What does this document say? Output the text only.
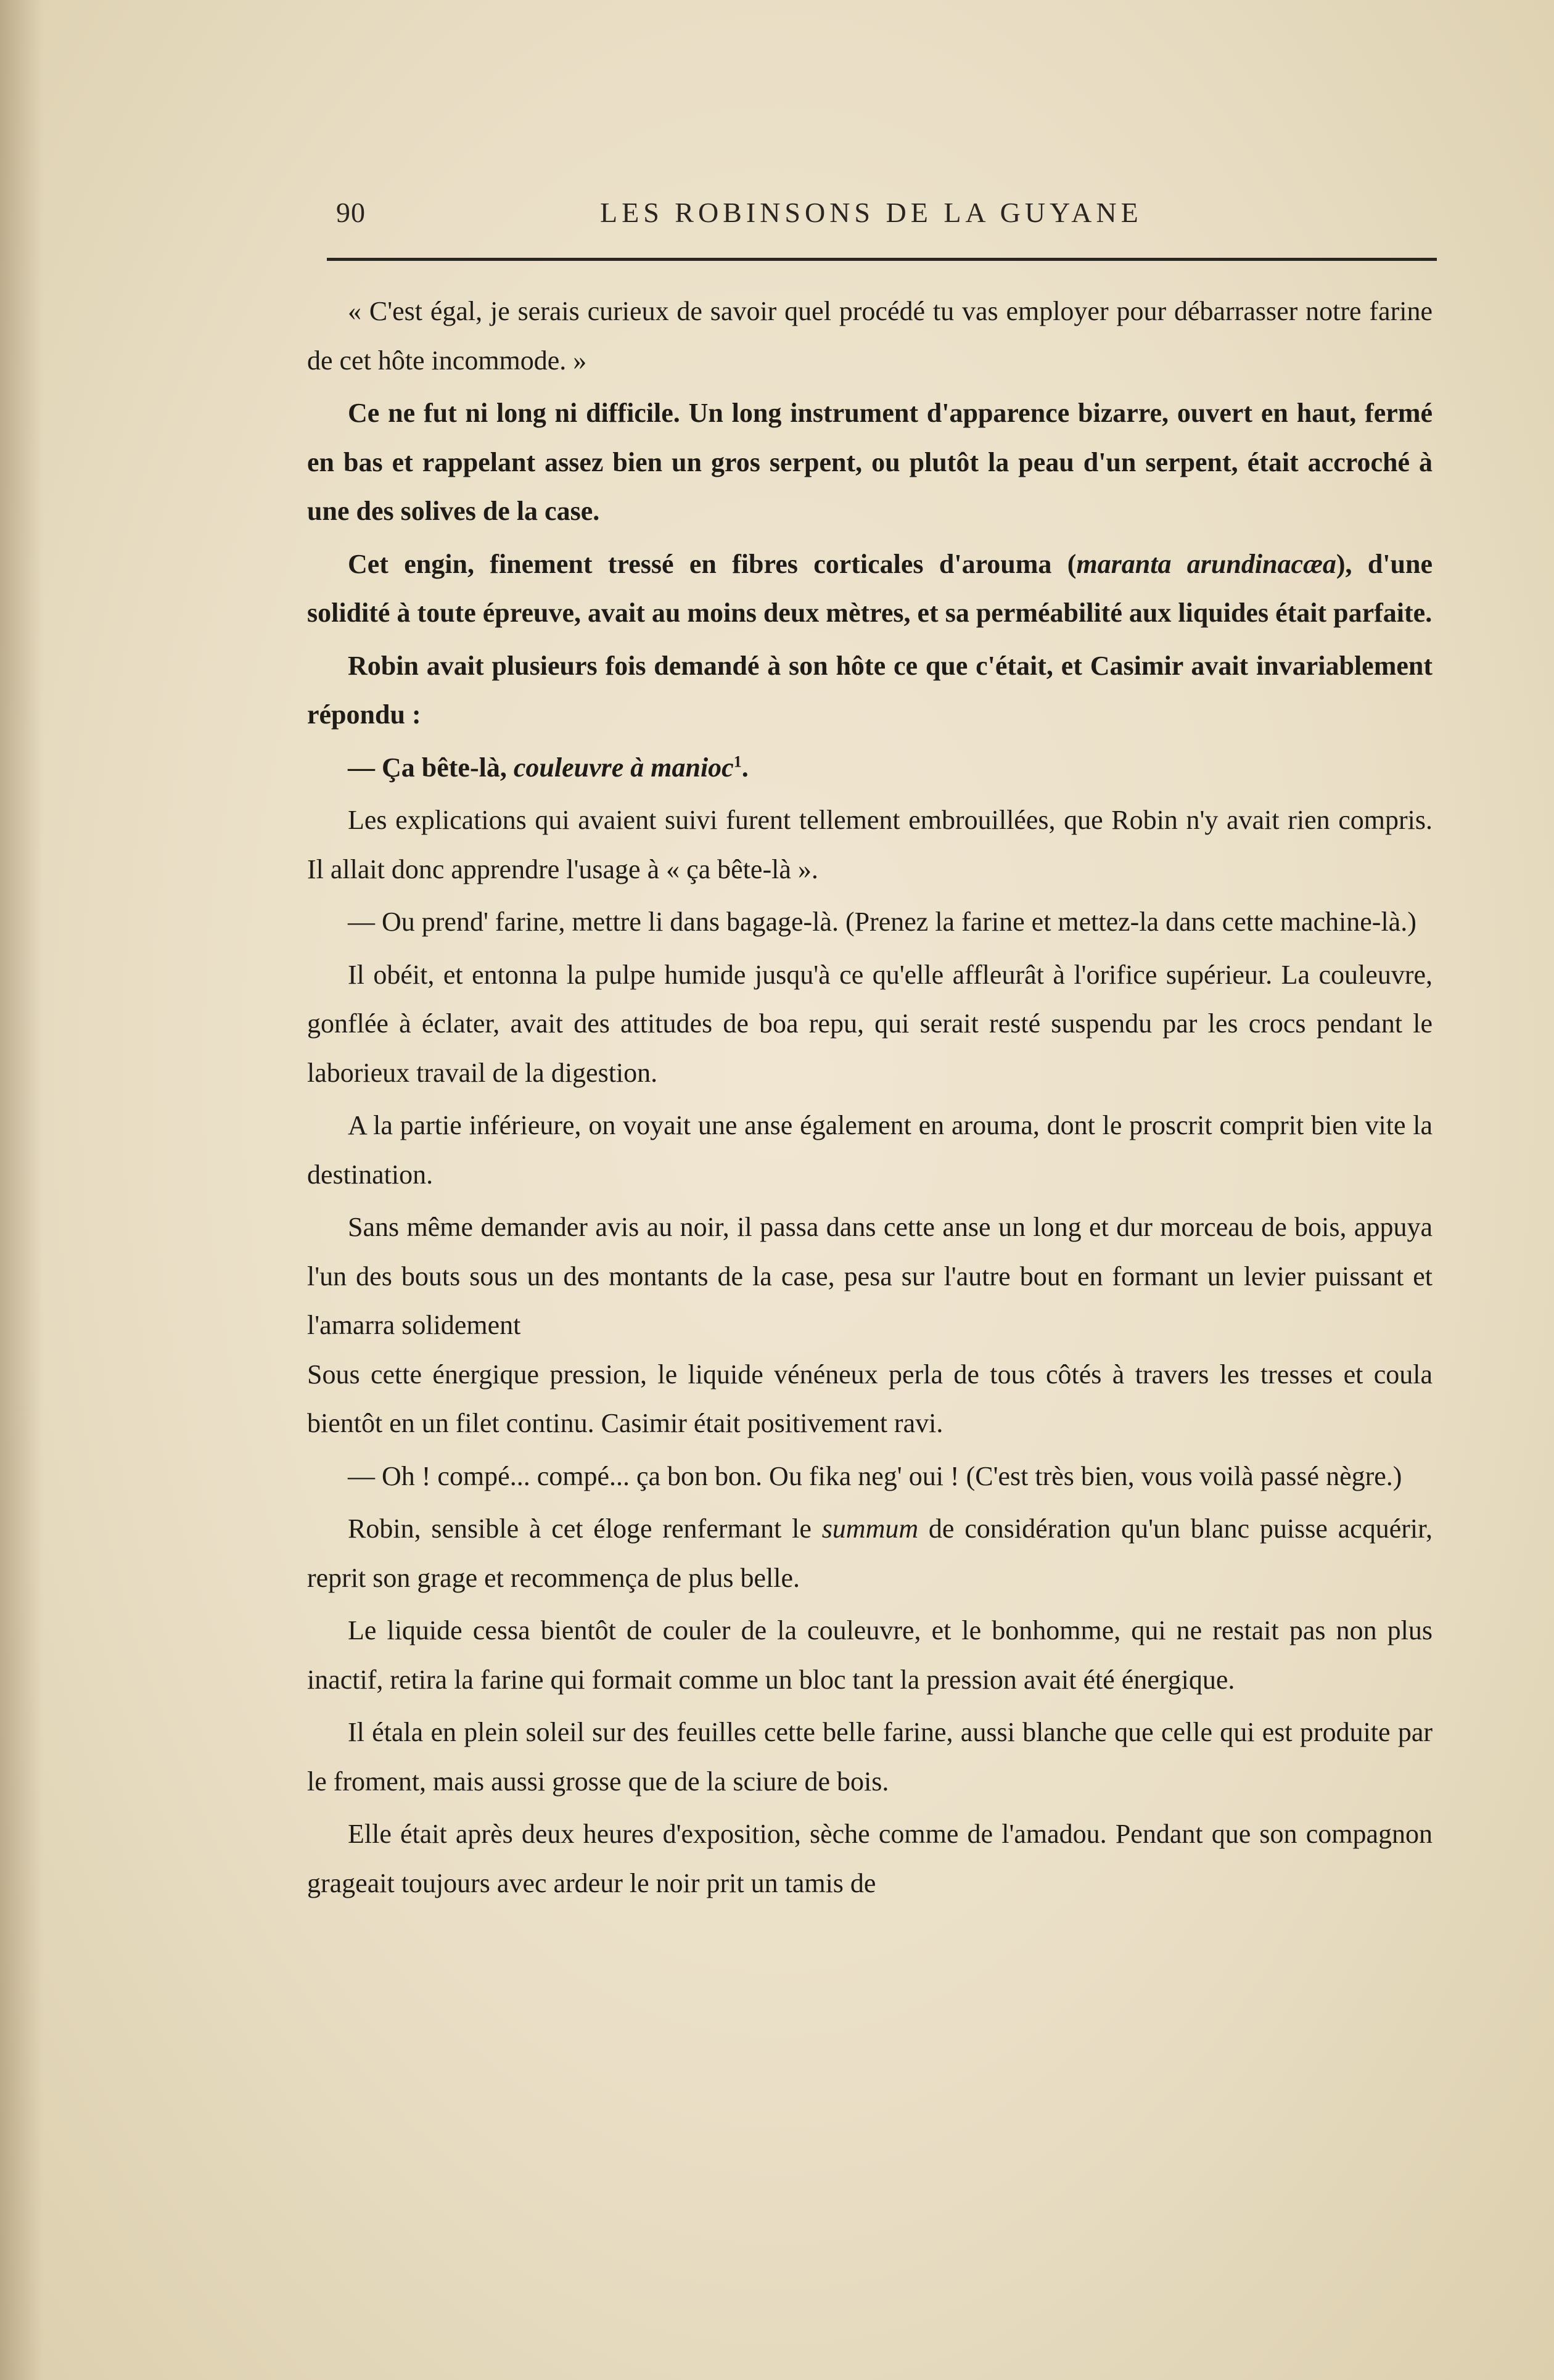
90	LES ROBINSONS DE LA GUYANE

« C'est égal, je serais curieux de savoir quel procédé tu vas employer pour débarrasser notre farine de cet hôte incommode. »

Ce ne fut ni long ni difficile. Un long instrument d'apparence bizarre, ouvert en haut, fermé en bas et rappelant assez bien un gros serpent, ou plutôt la peau d'un serpent, était accroché à une des solives de la case.

Cet engin, finement tressé en fibres corticales d'arouma (maranta arundinacæa), d'une solidité à toute épreuve, avait au moins deux mètres, et sa perméabilité aux liquides était parfaite.

Robin avait plusieurs fois demandé à son hôte ce que c'était, et Casimir avait invariablement répondu :

— Ça bête-là, couleuvre à manioc$^1$.

Les explications qui avaient suivi furent tellement embrouillées, que Robin n'y avait rien compris. Il allait donc apprendre l'usage à « ça bête-là ».

— Ou prend' farine, mettre li dans bagage-là. (Prenez la farine et mettez-la dans cette machine-là.)

Il obéit, et entonna la pulpe humide jusqu'à ce qu'elle affleurât à l'orifice supérieur. La couleuvre, gonflée à éclater, avait des attitudes de boa repu, qui serait resté suspendu par les crocs pendant le laborieux travail de la digestion.

A la partie inférieure, on voyait une anse également en arouma, dont le proscrit comprit bien vite la destination.

Sans même demander avis au noir, il passa dans cette anse un long et dur morceau de bois, appuya l'un des bouts sous un des montants de la case, pesa sur l'autre bout en formant un levier puissant et l'amarra solidement

Sous cette énergique pression, le liquide vénéneux perla de tous côtés à travers les tresses et coula bientôt en un filet continu. Casimir était positivement ravi.

— Oh ! compé... compé... ça bon bon. Ou fika neg' oui ! (C'est très bien, vous voilà passé nègre.)

Robin, sensible à cet éloge renfermant le summum de considération qu'un blanc puisse acquérir, reprit son grage et recommença de plus belle.

Le liquide cessa bientôt de couler de la couleuvre, et le bonhomme, qui ne restait pas non plus inactif, retira la farine qui formait comme un bloc tant la pression avait été énergique.

Il étala en plein soleil sur des feuilles cette belle farine, aussi blanche que celle qui est produite par le froment, mais aussi grosse que de la sciure de bois.

Elle était après deux heures d'exposition, sèche comme de l'amadou. Pendant que son compagnon grageait toujours avec ardeur le noir prit un tamis de
